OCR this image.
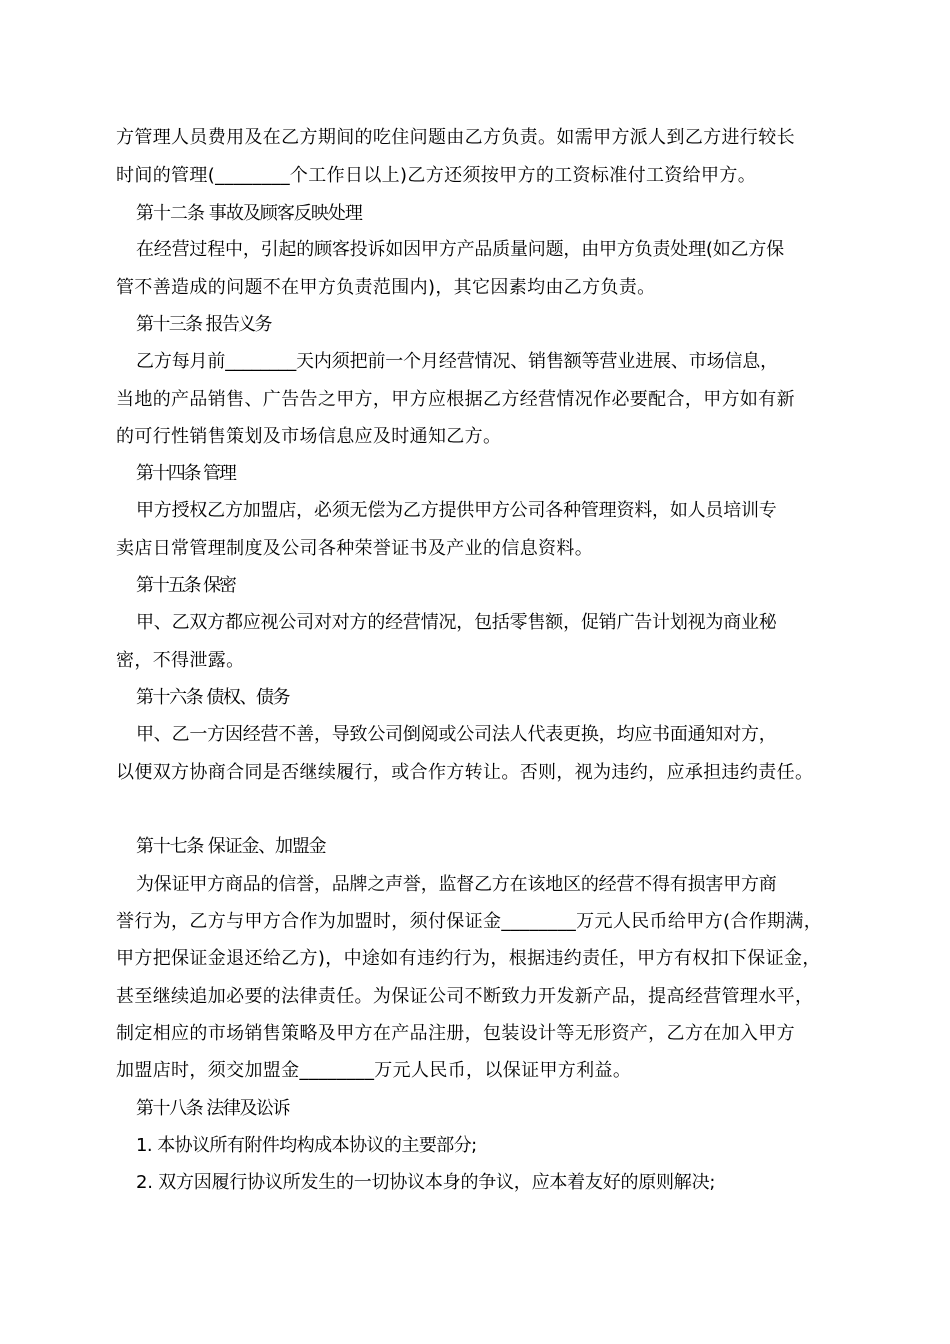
方管理人员费用及在乙方期间的吃住问题由乙方负责。如需甲方派人到乙方进行较长
时间的管理(________个工作日以上)乙方还须按甲方的工资标准付工资给甲方。
第十二条 事故及顾客反映处理
在经营过程中，引起的顾客投诉如因甲方产品质量问题，由甲方负责处理(如乙方保
管不善造成的问题不在甲方负责范围内)，其它因素均由乙方负责。
第十三条 报告义务
乙方每月前________天内须把前一个月经营情况、销售额等营业进展、市场信息，
当地的产品销售、广告告之甲方，甲方应根据乙方经营情况作必要配合，甲方如有新
的可行性销售策划及市场信息应及时通知乙方。
第十四条 管理
甲方授权乙方加盟店，必须无偿为乙方提供甲方公司各种管理资料，如人员培训专
卖店日常管理制度及公司各种荣誉证书及产业的信息资料。
第十五条 保密
甲、乙双方都应视公司对对方的经营情况，包括零售额，促销广告计划视为商业秘
密，不得泄露。
第十六条 债权、债务
甲、乙一方因经营不善，导致公司倒阅或公司法人代表更换，均应书面通知对方，
以便双方协商合同是否继续履行，或合作方转让。否则，视为违约，应承担违约责任。
第十七条 保证金、加盟金
为保证甲方商品的信誉，品牌之声誉，监督乙方在该地区的经营不得有损害甲方商
誉行为，乙方与甲方合作为加盟时，须付保证金________万元人民币给甲方(合作期满，
甲方把保证金退还给乙方)，中途如有违约行为，根据违约责任，甲方有权扣下保证金，
甚至继续追加必要的法律责任。为保证公司不断致力开发新产品，提高经营管理水平，
制定相应的市场销售策略及甲方在产品注册，包装设计等无形资产，乙方在加入甲方
加盟店时，须交加盟金________万元人民币，以保证甲方利益。
第十八条 法律及讼诉
1. 本协议所有附件均构成本协议的主要部分;
2. 双方因履行协议所发生的一切协议本身的争议，应本着友好的原则解决;
